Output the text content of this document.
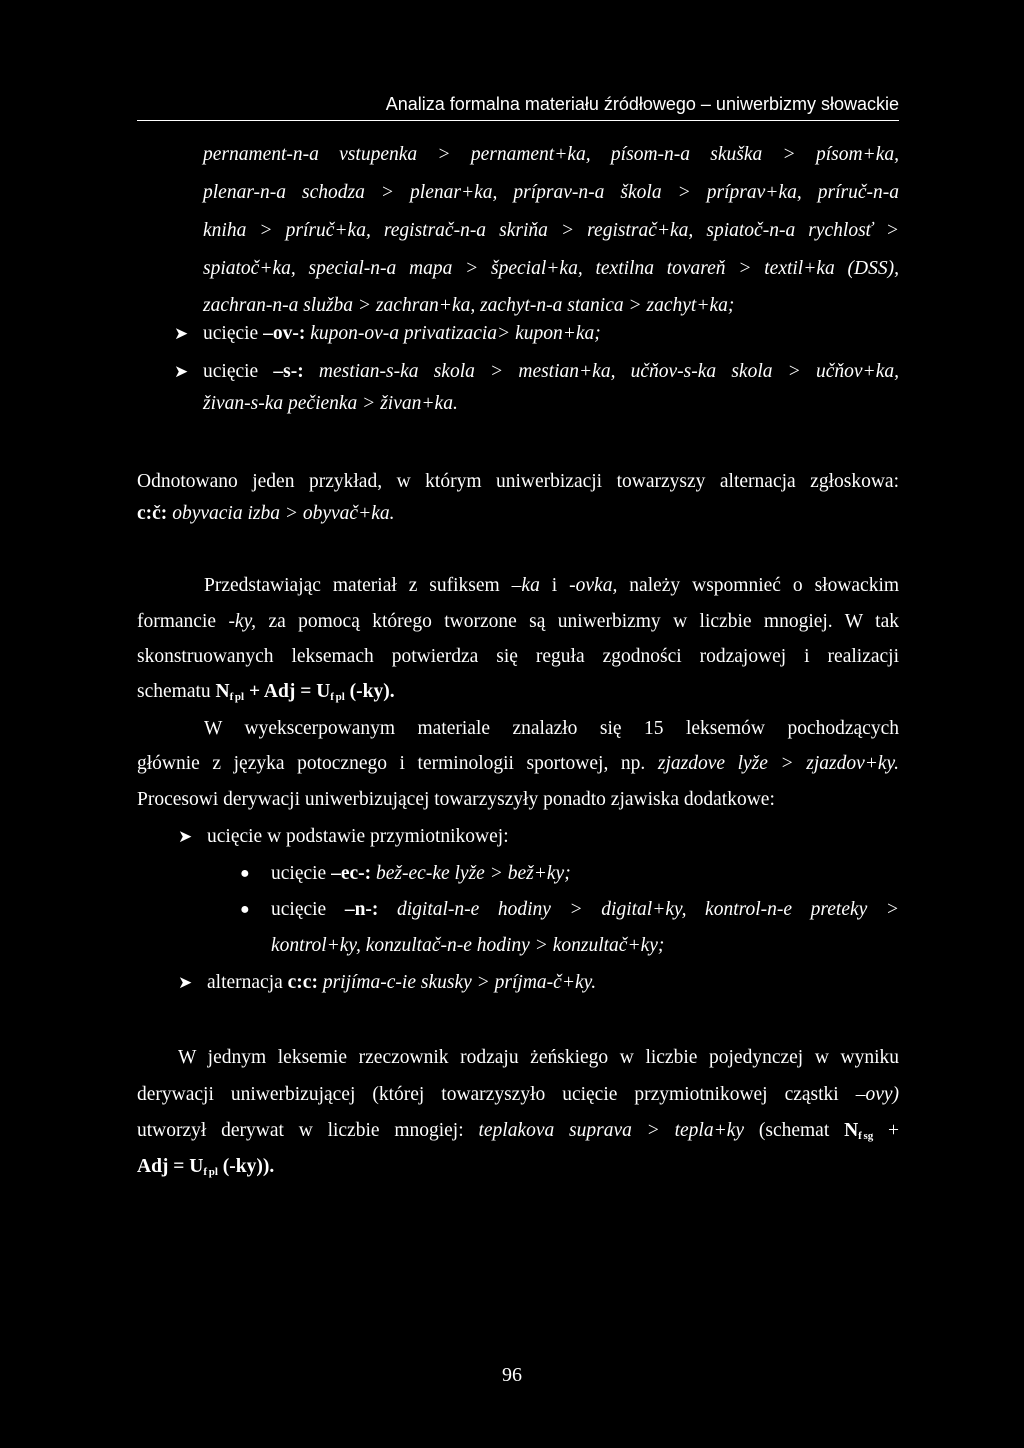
Analiza formalna materiału źródłowego – uniwerbizmy słowackie
pernament-n-a vstupenka > pernament+ka, písom-n-a skuška > písom+ka,
plenar-n-a schodza > plenar+ka, príprav-n-a škola > príprav+ka, príruč-n-a
kniha > príruč+ka, registrač-n-a skriňa > registrač+ka, spiatoč-n-a rychlosť >
spiatoč+ka, special-n-a mapa > špecial+ka, textilna tovareň > textil+ka (DSS),
zachran-n-a služba > zachran+ka, zachyt-n-a stanica > zachyt+ka;
➤ ucięcie –ov-: kupon-ov-a privatizacia> kupon+ka;
➤ ucięcie –s-: mestian-s-ka skola > mestian+ka, učňov-s-ka skola > učňov+ka,
živan-s-ka pečienka > živan+ka.
Odnotowano jeden przykład, w którym uniwerbizacji towarzyszy alternacja zgłoskowa:
c:č: obyvacia izba > obyvač+ka.
Przedstawiając materiał z sufiksem –ka i -ovka, należy wspomnieć o słowackim
formancie -ky, za pomocą którego tworzone są uniwerbizmy w liczbie mnogiej. W tak
skonstruowanych leksemach potwierdza się reguła zgodności rodzajowej i realizacji
schematu $N_f$  $_{pl}$ + Adj = $U_f$  $_{pl}$ (-ky).
W wyekscerpowanym materiale znalazło się 15 leksemów pochodzących
głównie z języka potocznego i terminologii sportowej, np. zjazdove lyže > zjazdov+ky.
Procesowi derywacji uniwerbizującej towarzyszyły ponadto zjawiska dodatkowe:
➤ ucięcie w podstawie przymiotnikowej:
● ucięcie –ec-: bež-ec-ke lyže > bež+ky;
● ucięcie –n-: digital-n-e hodiny > digital+ky, kontrol-n-e preteky >
kontrol+ky, konzultač-n-e hodiny > konzultač+ky;
➤ alternacja c:c: prijíma-c-ie skusky > príjma-č+ky.
W jednym leksemie rzeczownik rodzaju żeńskiego w liczbie pojedynczej w wyniku
derywacji uniwerbizującej (której towarzyszyło ucięcie przymiotnikowej cząstki –ovy)
utworzył derywat w liczbie mnogiej: teplakova suprava > tepla+ky (schemat $N_f$  $_{sg}$ +
Adj = $U_f$  $_{pl}$ (-ky)).
96
